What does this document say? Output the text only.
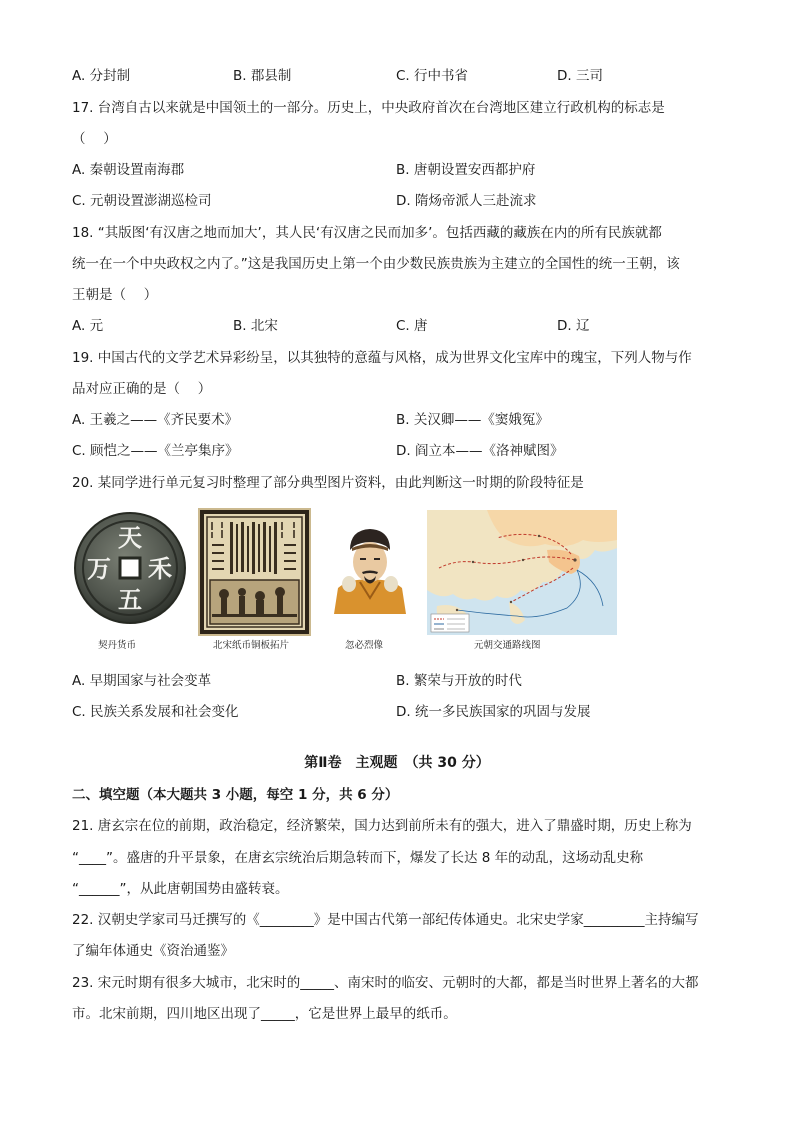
A. 分封制	B. 郡县制	C. 行中书省	D. 三司
17. 台湾自古以来就是中国领土的一部分。历史上，中央政府首次在台湾地区建立行政机构的标志是
（　 ）
A. 秦朝设置南海郡	B. 唐朝设置安西都护府
C. 元朝设置澎湖巡检司	D. 隋炀帝派人三赴流求
18. “其版图‘有汉唐之地而加大’，其人民‘有汉唐之民而加多’。包括西藏的藏族在内的所有民族就都
统一在一个中央政权之内了。”这是我国历史上第一个由少数民族贵族为主建立的全国性的统一王朝，该
王朝是（　 ）
A. 元	B. 北宋	C. 唐	D. 辽
19. 中国古代的文学艺术异彩纷呈，以其独特的意蕴与风格，成为世界文化宝库中的瑰宝，下列人物与作
品对应正确的是（　 ）
A. 王羲之——《齐民要术》	B. 关汉卿——《窦娥冤》
C. 顾恺之——《兰亭集序》	D. 阎立本——《洛神赋图》
20. 某同学进行单元复习时整理了部分典型图片资料，由此判断这一时期的阶段特征是
天
禾
万
五
契丹货币	北宋纸币铜板拓片	忽必烈像	元朝交通路线图
A. 早期国家与社会变革	B. 繁荣与开放的时代
C. 民族关系发展和社会变化	D. 统一多民族国家的巩固与发展
第Ⅱ卷　主观题　（共 30 分）
二、填空题（本大题共 3 小题，每空 1 分，共 6 分）
21. 唐玄宗在位的前期，政治稳定，经济繁荣，国力达到前所未有的强大，进入了鼎盛时期，历史上称为
“____”。盛唐的升平景象，在唐玄宗统治后期急转而下，爆发了长达 8 年的动乱，这场动乱史称
“______”，从此唐朝国势由盛转衰。
22. 汉朝史学家司马迁撰写的《________》是中国古代第一部纪传体通史。北宋史学家_________主持编写
了编年体通史《资治通鉴》
23. 宋元时期有很多大城市，北宋时的_____、南宋时的临安、元朝时的大都，都是当时世界上著名的大都
市。北宋前期，四川地区出现了_____，它是世界上最早的纸币。
